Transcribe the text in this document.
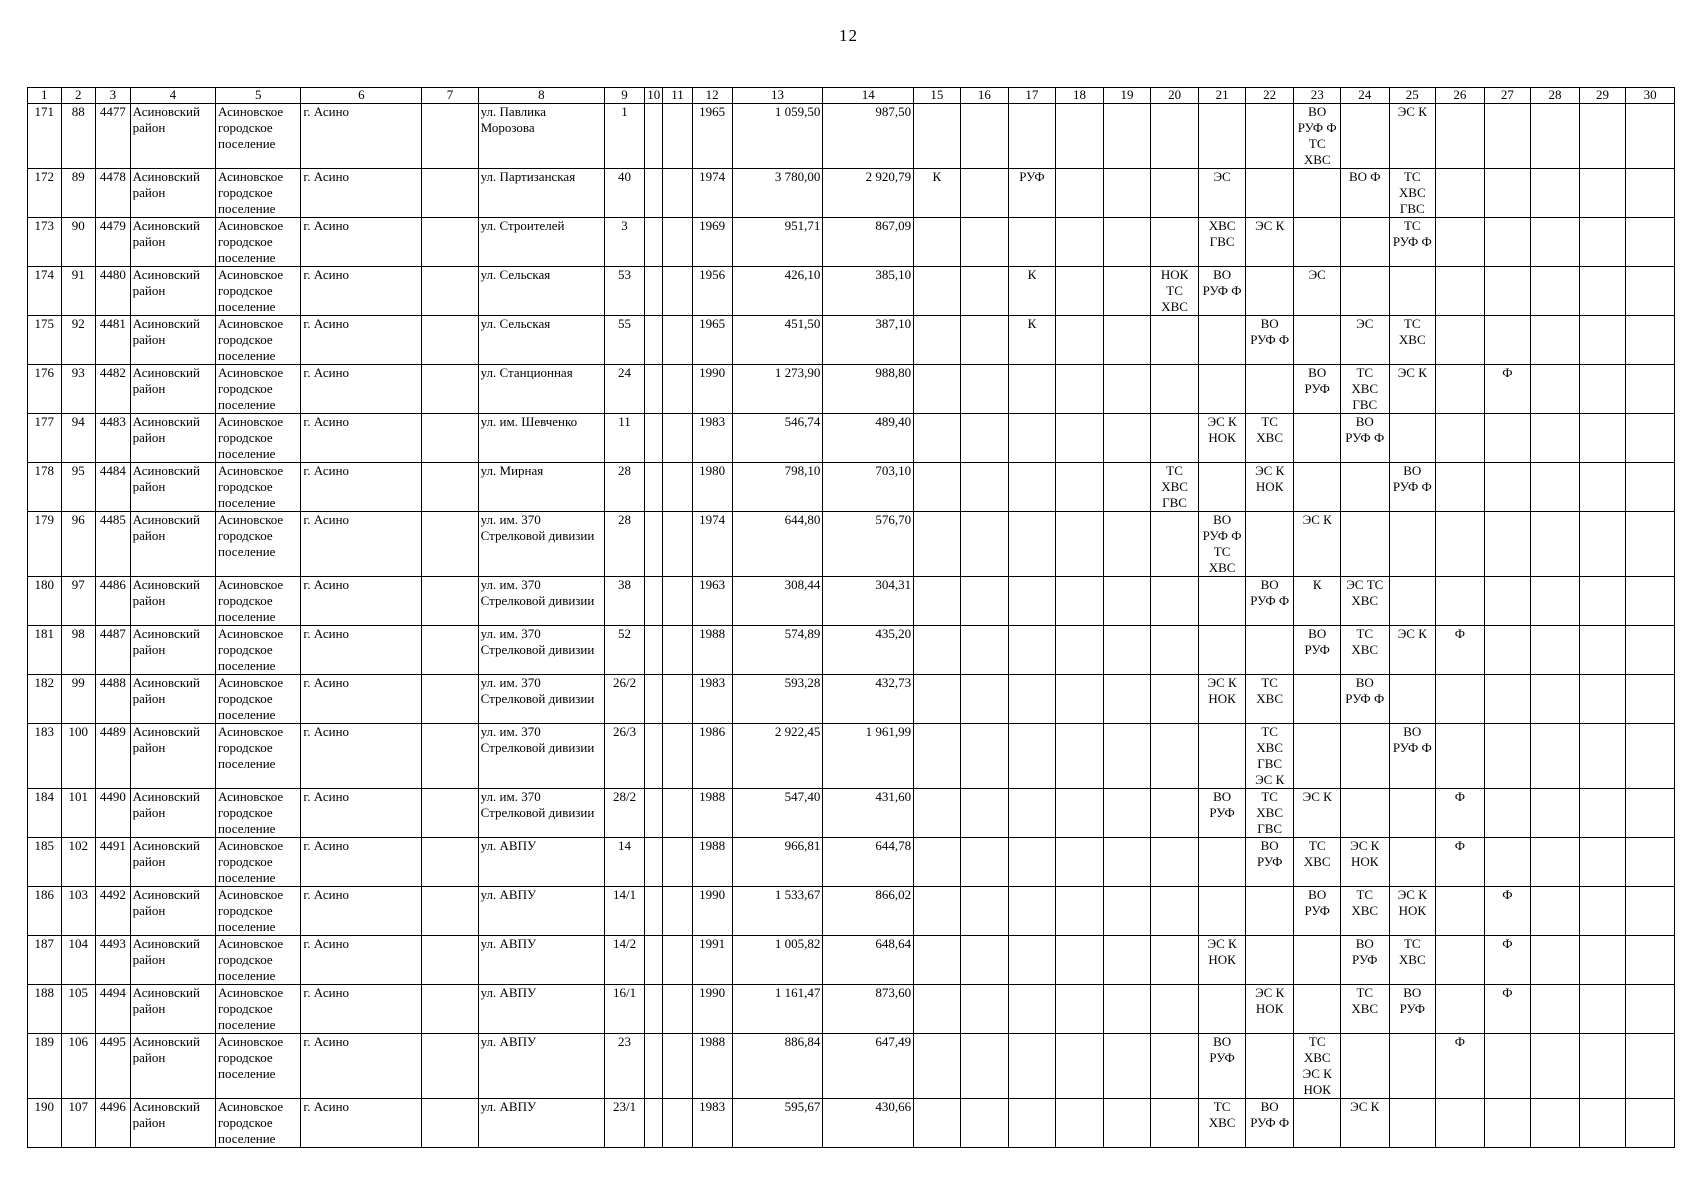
12
1	2	3	4	5	6	7	8	9	10	11	12	13	14	15	16	17	18	19	20	21	22	23	24	25	26	27	28	29	30

171	88	4477	Асиновский район	Асиновское городское поселение	г. Асино		ул. Павлика Морозова	1			1965	1 059,50	987,50									ВО РУФ Ф ТС ХВС		ЭС К					

172	89	4478	Асиновский район	Асиновское городское поселение	г. Асино		ул. Партизанская	40			1974	3 780,00	2 920,79	К		РУФ				ЭС			ВО Ф	ТС ХВС ГВС					

173	90	4479	Асиновский район	Асиновское городское поселение	г. Асино		ул. Строителей	3			1969	951,71	867,09							ХВС ГВС	ЭС К			ТС РУФ Ф					

174	91	4480	Асиновский район	Асиновское городское поселение	г. Асино		ул. Сельская	53			1956	426,10	385,10			К			НОК ТС ХВС	ВО РУФ Ф		ЭС							

175	92	4481	Асиновский район	Асиновское городское поселение	г. Асино		ул. Сельская	55			1965	451,50	387,10			К					ВО РУФ Ф		ЭС	ТС ХВС					

176	93	4482	Асиновский район	Асиновское городское поселение	г. Асино		ул. Станционная	24			1990	1 273,90	988,80									ВО РУФ	ТС ХВС ГВС	ЭС К		Ф			

177	94	4483	Асиновский район	Асиновское городское поселение	г. Асино		ул. им. Шевченко	11			1983	546,74	489,40							ЭС К НОК	ТС ХВС		ВО РУФ Ф						

178	95	4484	Асиновский район	Асиновское городское поселение	г. Асино		ул. Мирная	28			1980	798,10	703,10						ТС ХВС ГВС		ЭС К НОК			ВО РУФ Ф					

179	96	4485	Асиновский район	Асиновское городское поселение	г. Асино		ул. им. 370 Стрелковой дивизии	28			1974	644,80	576,70							ВО РУФ Ф ТС ХВС		ЭС К							

180	97	4486	Асиновский район	Асиновское городское поселение	г. Асино		ул. им. 370 Стрелковой дивизии	38			1963	308,44	304,31								ВО РУФ Ф	К	ЭС ТС ХВС						

181	98	4487	Асиновский район	Асиновское городское поселение	г. Асино		ул. им. 370 Стрелковой дивизии	52			1988	574,89	435,20									ВО РУФ	ТС ХВС	ЭС К	Ф				

182	99	4488	Асиновский район	Асиновское городское поселение	г. Асино		ул. им. 370 Стрелковой дивизии	26/2			1983	593,28	432,73							ЭС К НОК	ТС ХВС		ВО РУФ Ф						

183	100	4489	Асиновский район	Асиновское городское поселение	г. Асино		ул. им. 370 Стрелковой дивизии	26/3			1986	2 922,45	1 961,99								ТС ХВС ГВС ЭС К			ВО РУФ Ф					

184	101	4490	Асиновский район	Асиновское городское поселение	г. Асино		ул. им. 370 Стрелковой дивизии	28/2			1988	547,40	431,60							ВО РУФ	ТС ХВС ГВС	ЭС К			Ф				

185	102	4491	Асиновский район	Асиновское городское поселение	г. Асино		ул. АВПУ	14			1988	966,81	644,78								ВО РУФ	ТС ХВС	ЭС К НОК		Ф				

186	103	4492	Асиновский район	Асиновское городское поселение	г. Асино		ул. АВПУ	14/1			1990	1 533,67	866,02									ВО РУФ	ТС ХВС	ЭС К НОК		Ф			

187	104	4493	Асиновский район	Асиновское городское поселение	г. Асино		ул. АВПУ	14/2			1991	1 005,82	648,64							ЭС К НОК			ВО РУФ	ТС ХВС		Ф			

188	105	4494	Асиновский район	Асиновское городское поселение	г. Асино		ул. АВПУ	16/1			1990	1 161,47	873,60								ЭС К НОК		ТС ХВС	ВО РУФ		Ф			

189	106	4495	Асиновский район	Асиновское городское поселение	г. Асино		ул. АВПУ	23			1988	886,84	647,49							ВО РУФ		ТС ХВС ЭС К НОК			Ф				

190	107	4496	Асиновский район	Асиновское городское поселение	г. Асино		ул. АВПУ	23/1			1983	595,67	430,66							ТС ХВС	ВО РУФ Ф		ЭС К						
